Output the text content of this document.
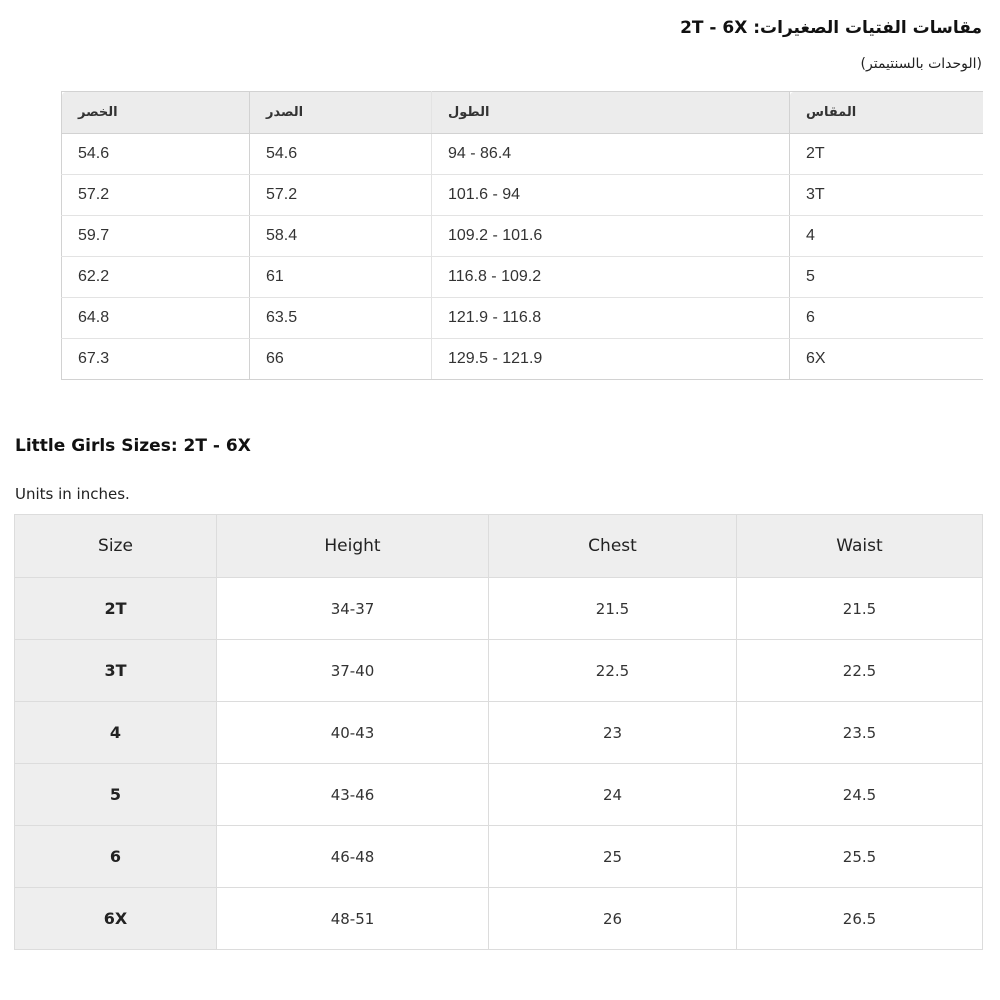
مقاسات الفتيات الصغيرات: 2T - 6X

(الوحدات بالسنتيمتر)

الخصر	الصدر	الطول	المقاس
54.6	54.6	94 - 86.4	2T
57.2	57.2	101.6 - 94	3T
59.7	58.4	109.2 - 101.6	4
62.2	61	116.8 - 109.2	5
64.8	63.5	121.9 - 116.8	6
67.3	66	129.5 - 121.9	6X
Little Girls Sizes: 2T - 6X

Units in inches.

Size	Height	Chest	Waist
2T	34-37	21.5	21.5
3T	37-40	22.5	22.5
4	40-43	23	23.5
5	43-46	24	24.5
6	46-48	25	25.5
6X	48-51	26	26.5
